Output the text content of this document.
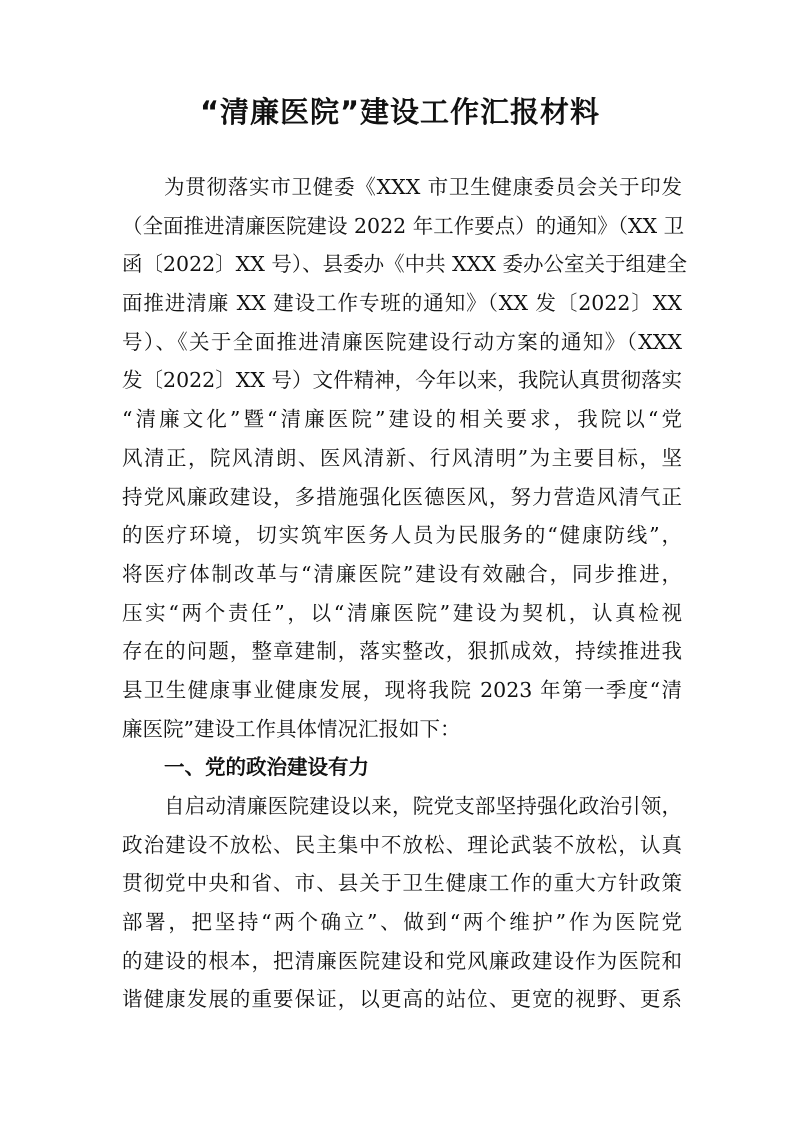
“清廉医院”建设工作汇报材料
为贯彻落实市卫健委《XXX 市卫生健康委员会关于印发
（全面推进清廉医院建设 2022 年工作要点）的通知》（XX 卫
函〔2022〕XX 号）、县委办《中共 XXX 委办公室关于组建全
面推进清廉 XX 建设工作专班的通知》（XX 发〔2022〕XX
号）、《关于全面推进清廉医院建设行动方案的通知》（XXX
发〔2022〕XX 号）文件精神，今年以来，我院认真贯彻落实
“清廉文化”暨“清廉医院”建设的相关要求，我院以“党
风清正，院风清朗、医风清新、行风清明”为主要目标，坚
持党风廉政建设，多措施强化医德医风，努力营造风清气正
的医疗环境，切实筑牢医务人员为民服务的“健康防线”，
将医疗体制改革与“清廉医院”建设有效融合，同步推进，
压实“两个责任”，以“清廉医院”建设为契机，认真检视
存在的问题，整章建制，落实整改，狠抓成效，持续推进我
县卫生健康事业健康发展，现将我院 2023 年第一季度“清
廉医院”建设工作具体情况汇报如下：
一、党的政治建设有力
自启动清廉医院建设以来，院党支部坚持强化政治引领，
政治建设不放松、民主集中不放松、理论武装不放松，认真
贯彻党中央和省、市、县关于卫生健康工作的重大方针政策
部署，把坚持“两个确立”、做到“两个维护”作为医院党
的建设的根本，把清廉医院建设和党风廉政建设作为医院和
谐健康发展的重要保证，以更高的站位、更宽的视野、更系
